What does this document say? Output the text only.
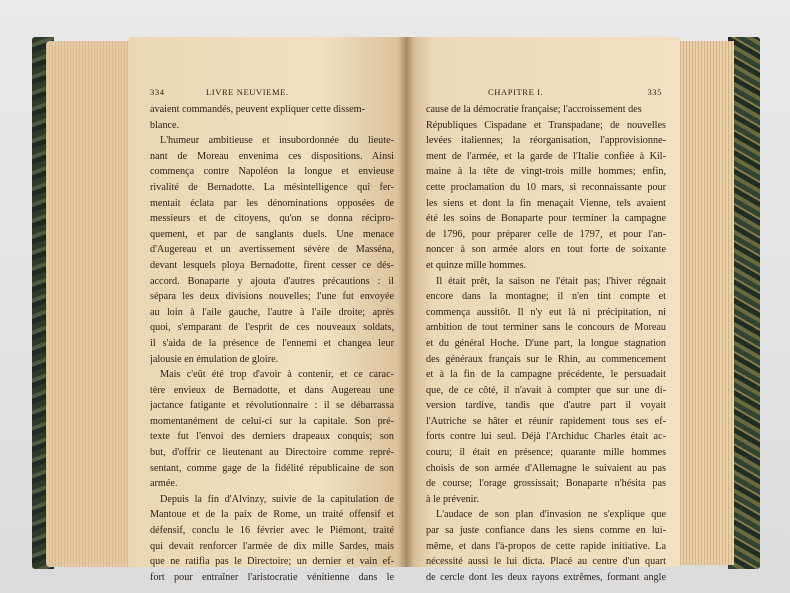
334	LIVRE NEUVIEME.
avaient commandés, peuvent expliquer cette dissem-
blance.
L'humeur ambitieuse et insubordonnée du lieute-
nant de Moreau envenima ces dispositions. Ainsi
commença contre Napoléon la longue et envieuse
rivalité de Bernadotte. La mésintelligence qui fer-
mentait éclata par les dénominations opposées de
messieurs et de citoyens, qu'on se donna récipro-
quement, et par de sanglants duels. Une menace
d'Augereau et un avertissement sévère de Masséna,
devant lesquels ploya Bernadotte, firent cesser ce dés-
accord. Bonaparte y ajouta d'autres précautions : il
sépara les deux divisions nouvelles; l'une fut envoyée
au loin à l'aile gauche, l'autre à l'aile droite; après
quoi, s'emparant de l'esprit de ces nouveaux soldats,
il s'aida de la présence de l'ennemi et changea leur
jalousie en émulation de gloire.
Mais c'eût été trop d'avoir à contenir, et ce carac-
tère envieux de Bernadotte, et dans Augereau une
jactance fatigante et révolutionnaire : il se débarrassa
momentanément de celui-ci sur la capitale. Son pré-
texte fut l'envoi des derniers drapeaux conquis; son
but, d'offrir ce lieutenant au Directoire comme repré-
sentant, comme gage de la fidélité républicaine de son
armée.
Depuis la fin d'Alvinzy, suivie de la capitulation de
Mantoue et de la paix de Rome, un traité offensif et
défensif, conclu le 16 février avec le Piémont, traité
qui devait renforcer l'armée de dix mille Sardes, mais
que ne ratifia pas le Directoire; un dernier et vain ef-
fort pour entraîner l'aristocratie vénitienne dans le
CHAPITRE I.	335
cause de la démocratie française; l'accroissement des
Républiques Cispadane et Transpadane; de nouvelles
levées italiennes; la réorganisation, l'approvisionne-
ment de l'armée, et la garde de l'Italie confiée à Kil-
maine à la tête de vingt-trois mille hommes; enfin,
cette proclamation du 10 mars, si reconnaissante pour
les siens et dont la fin menaçait Vienne, tels avaient
été les soins de Bonaparte pour terminer la campagne
de 1796, pour préparer celle de 1797, et pour l'an-
noncer à son armée alors en tout forte de soixante
et quinze mille hommes.
Il était prêt, la saison ne l'était pas; l'hiver régnait
encore dans la montagne; il n'en tint compte et
commença aussitôt. Il n'y eut là ni précipitation, ni
ambition de tout terminer sans le concours de Moreau
et du général Hoche. D'une part, la longue stagnation
des généraux français sur le Rhin, au commencement
et à la fin de la campagne précédente, le persuadait
que, de ce côté, il n'avait à compter que sur une di-
version tardive, tandis que d'autre part il voyait
l'Autriche se hâter et réunir rapidement tous ses ef-
forts contre lui seul. Déjà l'Archiduc Charles était ac-
couru; il était en présence; quarante mille hommes
choisis de son armée d'Allemagne le suivaient au pas
de course; l'orage grossissait; Bonaparte n'hésita pas
à le prévenir.
L'audace de son plan d'invasion ne s'explique que
par sa juste confiance dans les siens comme en lui-
même, et dans l'à-propos de cette rapide initiative. La
nécessité aussi le lui dicta. Placé au centre d'un quart
de cercle dont les deux rayons extrêmes, formant angle
